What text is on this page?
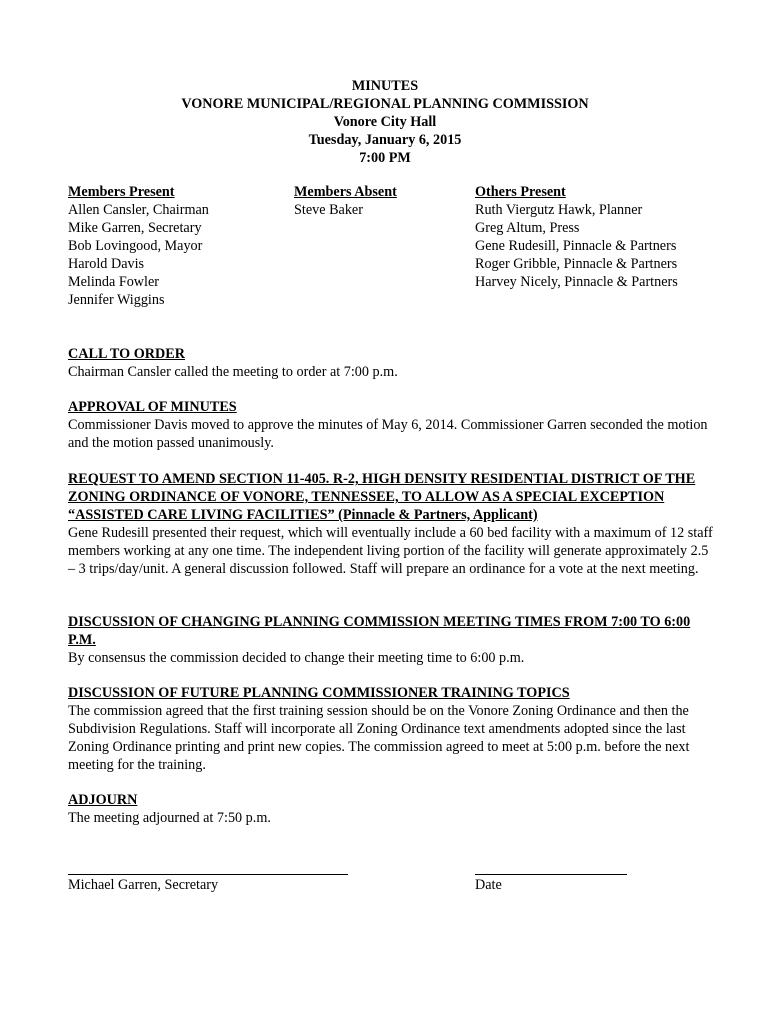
MINUTES
VONORE MUNICIPAL/REGIONAL PLANNING COMMISSION
Vonore City Hall
Tuesday, January 6, 2015
7:00 PM
Members Present
Allen Cansler, Chairman
Mike Garren, Secretary
Bob Lovingood, Mayor
Harold Davis
Melinda Fowler
Jennifer Wiggins
Members Absent
Steve Baker
Others Present
Ruth Viergutz Hawk, Planner
Greg Altum, Press
Gene Rudesill, Pinnacle & Partners
Roger Gribble, Pinnacle & Partners
Harvey Nicely, Pinnacle & Partners
CALL TO ORDER
Chairman Cansler called the meeting to order at 7:00 p.m.
APPROVAL OF MINUTES
Commissioner Davis moved to approve the minutes of May 6, 2014. Commissioner Garren seconded the motion and the motion passed unanimously.
REQUEST TO AMEND SECTION 11-405. R-2, HIGH DENSITY RESIDENTIAL DISTRICT OF THE ZONING ORDINANCE OF VONORE, TENNESSEE, TO ALLOW AS A SPECIAL EXCEPTION “ASSISTED CARE LIVING FACILITIES” (Pinnacle & Partners, Applicant)
Gene Rudesill presented their request, which will eventually include a 60 bed facility with a maximum of 12 staff members working at any one time. The independent living portion of the facility will generate approximately 2.5 – 3 trips/day/unit. A general discussion followed. Staff will prepare an ordinance for a vote at the next meeting.
DISCUSSION OF CHANGING PLANNING COMMISSION MEETING TIMES FROM 7:00 TO 6:00 P.M.
By consensus the commission decided to change their meeting time to 6:00 p.m.
DISCUSSION OF FUTURE PLANNING COMMISSIONER TRAINING TOPICS
The commission agreed that the first training session should be on the Vonore Zoning Ordinance and then the Subdivision Regulations. Staff will incorporate all Zoning Ordinance text amendments adopted since the last Zoning Ordinance printing and print new copies. The commission agreed to meet at 5:00 p.m. before the next meeting for the training.
ADJOURN
The meeting adjourned at 7:50 p.m.
Michael Garren, Secretary	Date
